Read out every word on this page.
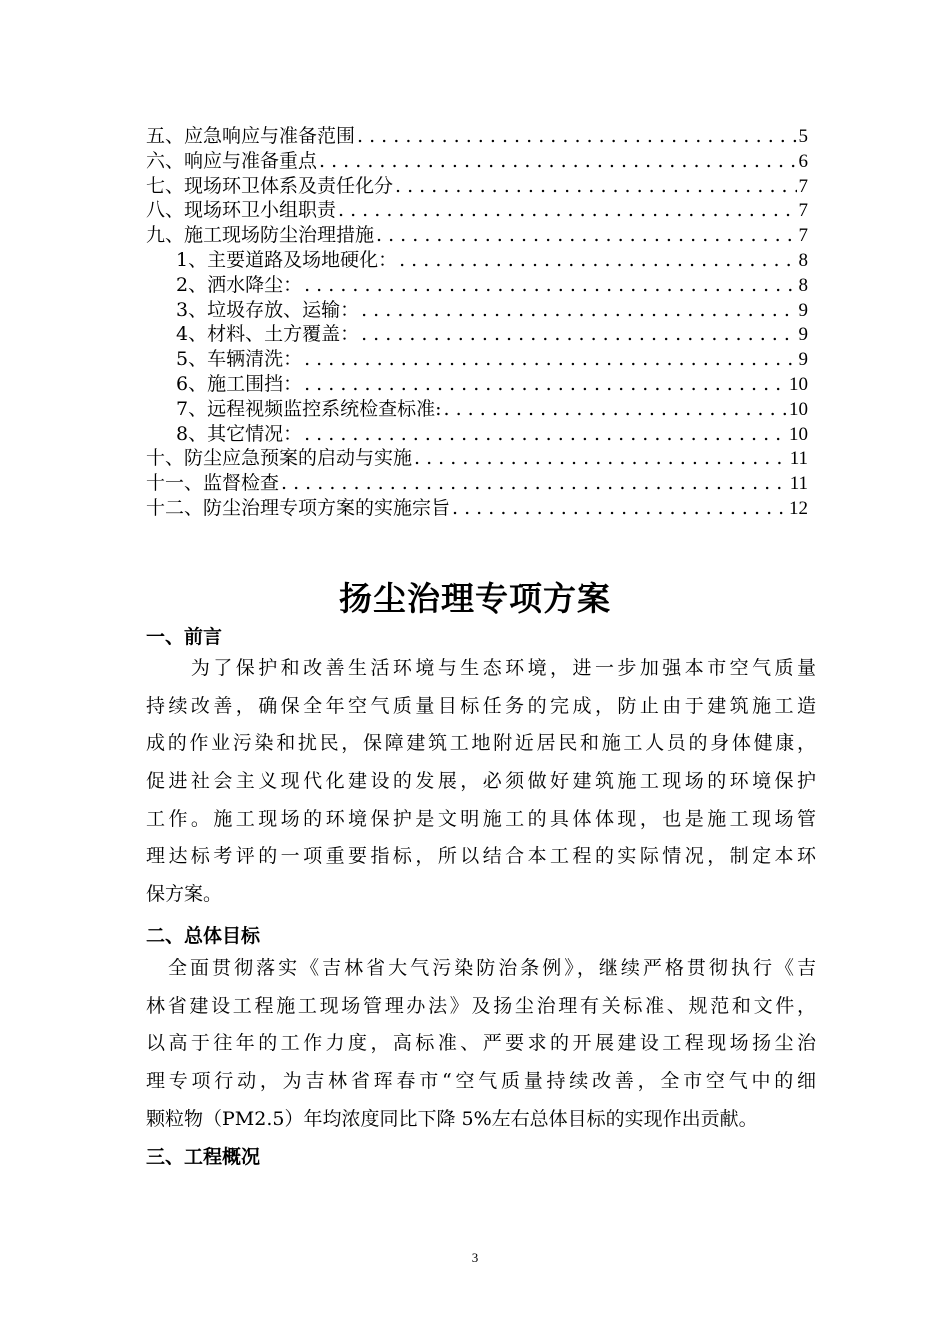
五、应急响应与准备范围 . . .	5
六、响应与准备重点 . . .	6
七、现场环卫体系及责任化分 . . .	7
八、现场环卫小组职责 . . .	7
九、施工现场防尘治理措施 . . .	7
1、主要道路及场地硬化： . . .	8
2、洒水降尘： . . .	8
3、垃圾存放、运输： . . .	9
4、材料、土方覆盖： . . .	9
5、车辆清洗： . . .	9
6、施工围挡： . . .	10
7、远程视频监控系统检查标准: . . .	10
8、其它情况： . . .	10
十、防尘应急预案的启动与实施 . . .	11
十一、监督检查 . . .	11
十二、防尘治理专项方案的实施宗旨 . . .	12
扬尘治理专项方案
一、前言
　　为了保护和改善生活环境与生态环境，进一步加强本市空气质量
持续改善，确保全年空气质量目标任务的完成，防止由于建筑施工造
成的作业污染和扰民，保障建筑工地附近居民和施工人员的身体健康，
促进社会主义现代化建设的发展，必须做好建筑施工现场的环境保护
工作。施工现场的环境保护是文明施工的具体体现，也是施工现场管
理达标考评的一项重要指标，所以结合本工程的实际情况，制定本环
保方案。
二、总体目标
　全面贯彻落实《吉林省大气污染防治条例》，继续严格贯彻执行《吉
林省建设工程施工现场管理办法》及扬尘治理有关标准、规范和文件，
以高于往年的工作力度，高标准、严要求的开展建设工程现场扬尘治
理专项行动，为吉林省珲春市“空气质量持续改善，全市空气中的细
颗粒物（PM2.5）年均浓度同比下降 5%左右总体目标的实现作出贡献。
三、工程概况
3
